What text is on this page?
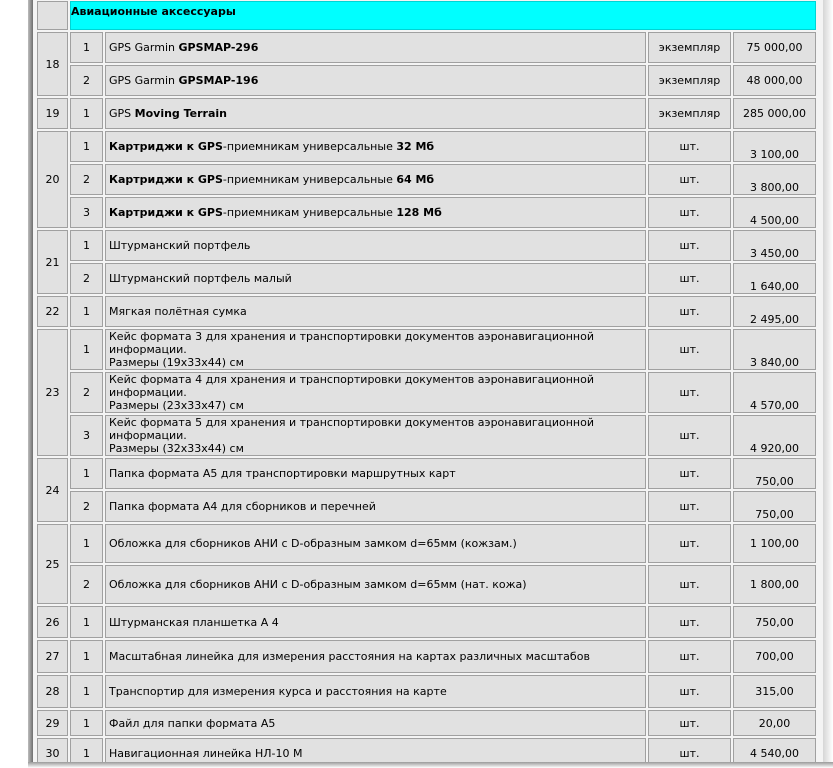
	Авиационные аксессуары			
18	1	GPS Garmin GPSMAP-296	экземпляр	75 000,00
	2	GPS Garmin GPSMAP-196	экземпляр	48 000,00
19	1	GPS Moving Terrain	экземпляр	285 000,00
20	1	Картриджи к GPS-приемникам универсальные 32 Мб	шт.	3 100,00
	2	Картриджи к GPS-приемникам универсальные 64 Мб	шт.	3 800,00
	3	Картриджи к GPS-приемникам универсальные 128 Мб	шт.	4 500,00
21	1	Штурманский портфель	шт.	3 450,00
	2	Штурманский портфель малый	шт.	1 640,00
22	1	Мягкая полётная сумка	шт.	2 495,00
23	1	Кейс формата 3 для хранения и транспортировки документов аэронавигационной информации.
Размеры (19х33х44) см	шт.	3 840,00
	2	Кейс формата 4 для хранения и транспортировки документов аэронавигационной информации.
Размеры (23х33х47) см	шт.	4 570,00
	3	Кейс формата 5 для хранения и транспортировки документов аэронавигационной информации.
Размеры (32х33х44) см	шт.	4 920,00
24	1	Папка формата А5 для транспортировки маршрутных карт	шт.	750,00
	2	Папка формата А4 для сборников и перечней	шт.	750,00
25	1	Обложка для сборников АНИ с D-образным замком d=65мм (кожзам.)	шт.	1 100,00
	2	Обложка для сборников АНИ с D-образным замком d=65мм (нат. кожа)	шт.	1 800,00
26	1	Штурманская планшетка А 4	шт.	750,00
27	1	Масштабная линейка для измерения расстояния на картах различных масштабов	шт.	700,00
28	1	Транспортир для измерения курса и расстояния на карте	шт.	315,00
29	1	Файл для папки формата А5	шт.	20,00
30	1	Навигационная линейка НЛ-10 М	шт.	4 540,00
